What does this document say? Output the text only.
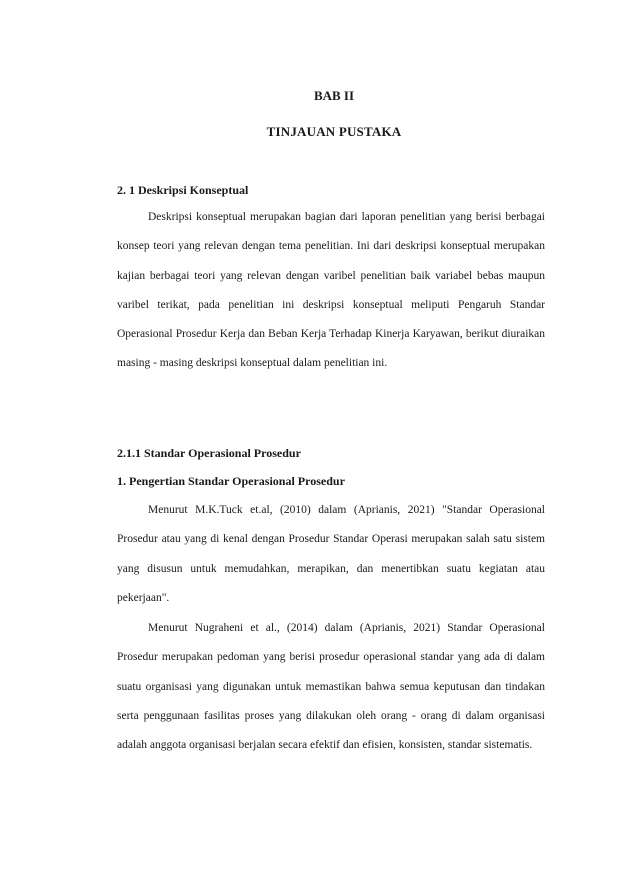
BAB II
TINJAUAN PUSTAKA
2. 1 Deskripsi Konseptual

Deskripsi konseptual merupakan bagian dari laporan penelitian yang berisi berbagai konsep teori yang relevan dengan tema penelitian. Ini dari deskripsi konseptual merupakan kajian berbagai teori yang relevan dengan varibel penelitian baik variabel bebas maupun varibel terikat, pada penelitian ini deskripsi konseptual meliputi Pengaruh Standar Operasional Prosedur Kerja dan Beban Kerja Terhadap Kinerja Karyawan, berikut diuraikan masing - masing deskripsi konseptual dalam penelitian ini.

2.1.1 Standar Operasional Prosedur
1. Pengertian Standar Operasional Prosedur

Menurut M.K.Tuck et.al, (2010) dalam (Aprianis, 2021) "Standar Operasional Prosedur atau yang di kenal dengan Prosedur Standar Operasi merupakan salah satu sistem yang disusun untuk memudahkan, merapikan, dan menertibkan suatu kegiatan atau pekerjaan".

Menurut Nugraheni et al., (2014) dalam (Aprianis, 2021) Standar Operasional Prosedur merupakan pedoman yang berisi prosedur operasional standar yang ada di dalam suatu organisasi yang digunakan untuk memastikan bahwa semua keputusan dan tindakan serta penggunaan fasilitas proses yang dilakukan oleh orang - orang di dalam organisasi adalah anggota organisasi berjalan secara efektif dan efisien, konsisten, standar sistematis.
